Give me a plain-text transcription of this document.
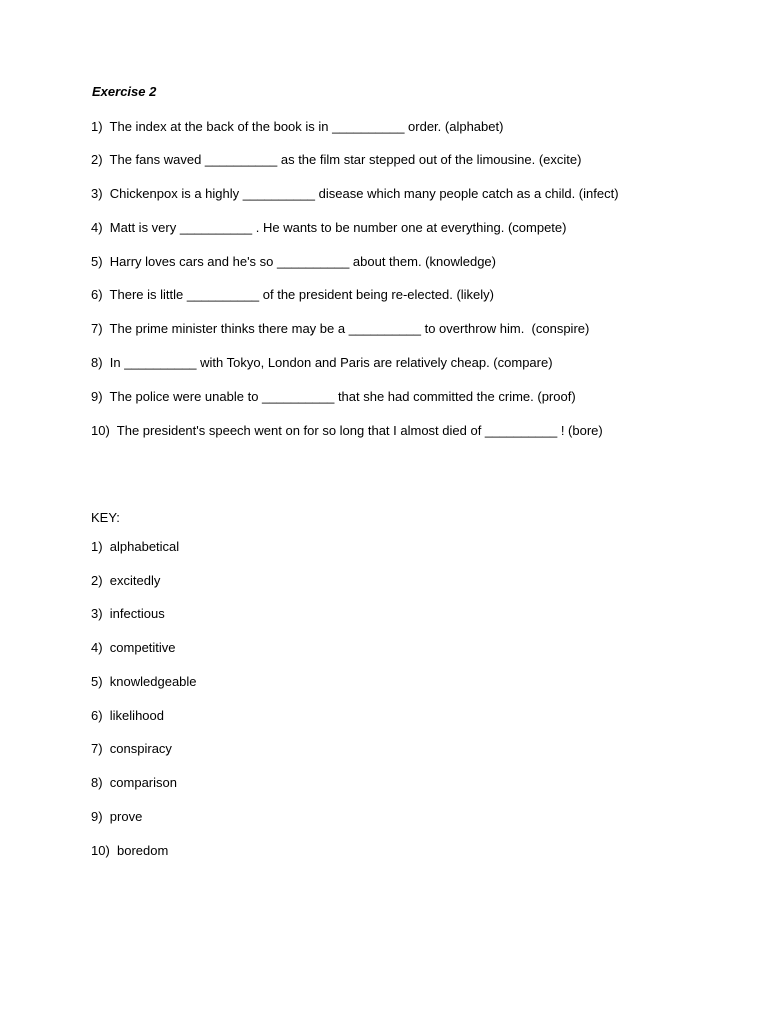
Exercise 2
1)  The index at the back of the book is in __________ order. (alphabet)
2)  The fans waved __________ as the film star stepped out of the limousine. (excite)
3)  Chickenpox is a highly __________ disease which many people catch as a child. (infect)
4)  Matt is very __________ . He wants to be number one at everything. (compete)
5)  Harry loves cars and he's so __________ about them. (knowledge)
6)  There is little __________ of the president being re-elected. (likely)
7)  The prime minister thinks there may be a __________ to overthrow him.  (conspire)
8)  In __________ with Tokyo, London and Paris are relatively cheap. (compare)
9)  The police were unable to __________ that she had committed the crime. (proof)
10)  The president's speech went on for so long that I almost died of __________ ! (bore)
KEY:
1)  alphabetical
2)  excitedly
3)  infectious
4)  competitive
5)  knowledgeable
6)  likelihood
7)  conspiracy
8)  comparison
9)  prove
10)  boredom
